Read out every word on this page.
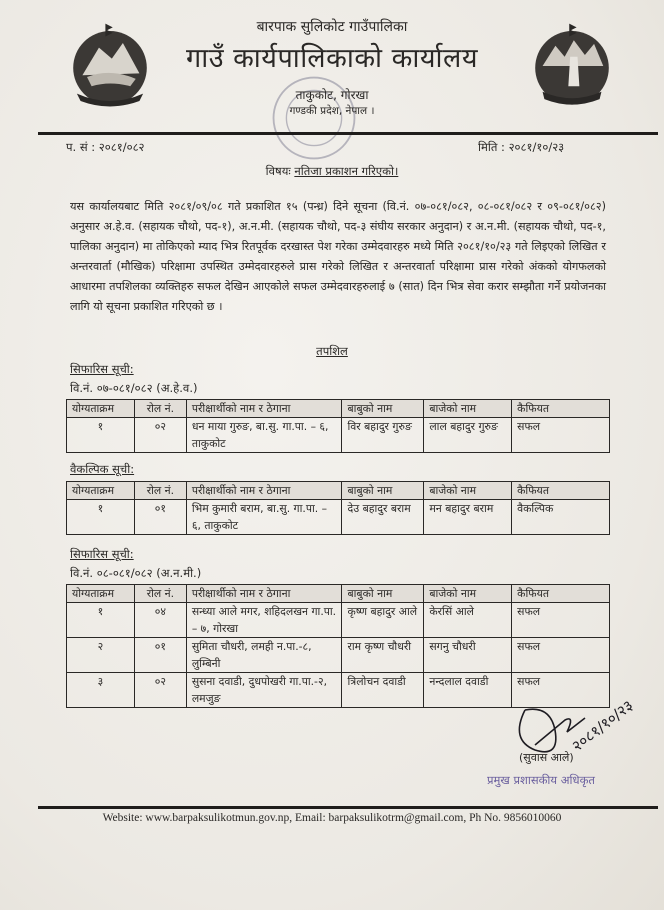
बारपाक सुलिकोट गाउँपालिका
गाउँ कार्यपालिकाको कार्यालय
ताकुकोट, गोरखा
गण्डकी प्रदेश, नेपाल ।
प. सं : २०८१/०८२	मिति : २०८१/१०/२३
विषयः नतिजा प्रकाशन गरिएको।
यस कार्यालयबाट मिति २०८१/०९/०८ गते प्रकाशित १५ (पन्ध्र) दिने सूचना (वि.नं. ०७-०८१/०८२, ०८-०८१/०८२ र ०९-०८१/०८२) अनुसार अ.हे.व. (सहायक चौथो, पद-१), अ.न.मी. (सहायक चौथो, पद-३ संघीय सरकार अनुदान) र अ.न.मी. (सहायक चौथो, पद-१, पालिका अनुदान) मा तोकिएको म्याद भित्र रितपूर्वक दरखास्त पेश गरेका उम्मेदवारहरु मध्ये मिति २०८१/१०/२३ गते लिइएको लिखित र अन्तरवार्ता (मौखिक) परिक्षामा उपस्थित उम्मेदवारहरुले प्रास गरेको लिखित र अन्तरवार्ता परिक्षामा प्रास गरेको अंकको योगफलको आधारमा तपशिलका व्यक्तिहरु सफल देखिन आएकोले सफल उम्मेदवारहरुलाई ७ (सात) दिन भित्र सेवा करार सम्झौता गर्ने प्रयोजनका लागि यो सूचना प्रकाशित गरिएको छ ।
तपशिल
सिफारिस सूची:
वि.नं. ०७-०८१/०८२ (अ.हे.व.)
योग्यताक्रम	रोल नं.	परीक्षार्थीको नाम र ठेगाना	बाबुको नाम	बाजेको नाम	कैफियत
१	०२	धन माया गुरुङ, बा.सु. गा.पा. – ६, ताकुकोट	विर बहादुर गुरुङ	लाल बहादुर गुरुङ	सफल
वैकल्पिक सूची:
योग्यताक्रम	रोल नं.	परीक्षार्थीको नाम र ठेगाना	बाबुको नाम	बाजेको नाम	कैफियत
१	०१	भिम कुमारी बराम, बा.सु. गा.पा. – ६, ताकुकोट	देउ बहादुर बराम	मन बहादुर बराम	वैकल्पिक
सिफारिस सूची:
वि.नं. ०८-०८१/०८२ (अ.न.मी.)
योग्यताक्रम	रोल नं.	परीक्षार्थीको नाम र ठेगाना	बाबुको नाम	बाजेको नाम	कैफियत
१	०४	सन्ध्या आले मगर, शहिदलखन गा.पा. – ७, गोरखा	कृष्ण बहादुर आले	केरसिं आले	सफल
२	०१	सुमिता चौधरी, लमही न.पा.-८, लुम्बिनी	राम कृष्ण चौधरी	सगनु चौधरी	सफल
३	०२	सुसना दवाडी, दुधपोखरी गा.पा.-२, लमजुङ	त्रिलोचन दवाडी	नन्दलाल दवाडी	सफल
२०८१/१०/२३
(सुवास आले)
प्रमुख प्रशासकीय अधिकृत
Website: www.barpaksulikotmun.gov.np, Email: barpaksulikotrm@gmail.com, Ph No. 9856010060
